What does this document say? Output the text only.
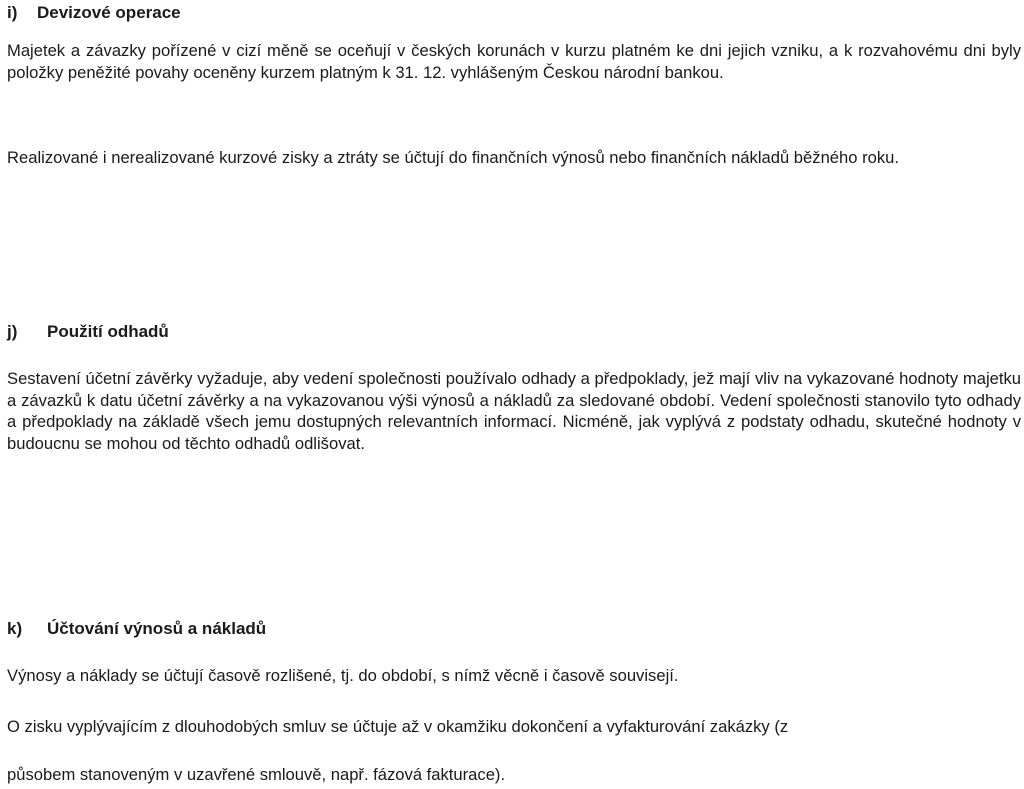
i) Devizové operace

Majetek a závazky pořízené v cizí měně se oceňují v českých korunách v kurzu platném ke dni jejich vzniku, a k rozvahovému dni byly položky peněžité povahy oceněny kurzem platným k 31. 12. vyhlášeným Českou národní bankou.

Realizované i nerealizované kurzové zisky a ztráty se účtují do finančních výnosů nebo finančních nákladů běžného roku.

j) Použití odhadů

Sestavení účetní závěrky vyžaduje, aby vedení společnosti používalo odhady a předpoklady, jež mají vliv na vykazované hodnoty majetku a závazků k datu účetní závěrky a na vykazovanou výši výnosů a nákladů za sledované období. Vedení společnosti stanovilo tyto odhady a předpoklady na základě všech jemu dostupných relevantních informací. Nicméně, jak vyplývá z podstaty odhadu, skutečné hodnoty v budoucnu se mohou od těchto odhadů odlišovat.

k) Účtování výnosů a nákladů

Výnosy a náklady se účtují časově rozlišené, tj. do období, s nímž věcně i časově souvisejí.

O zisku vyplývajícím z dlouhodobých smluv se účtuje až v okamžiku dokončení a vyfakturování zakázky (z

působem stanoveným v uzavřené smlouvě, např. fázová fakturace).
